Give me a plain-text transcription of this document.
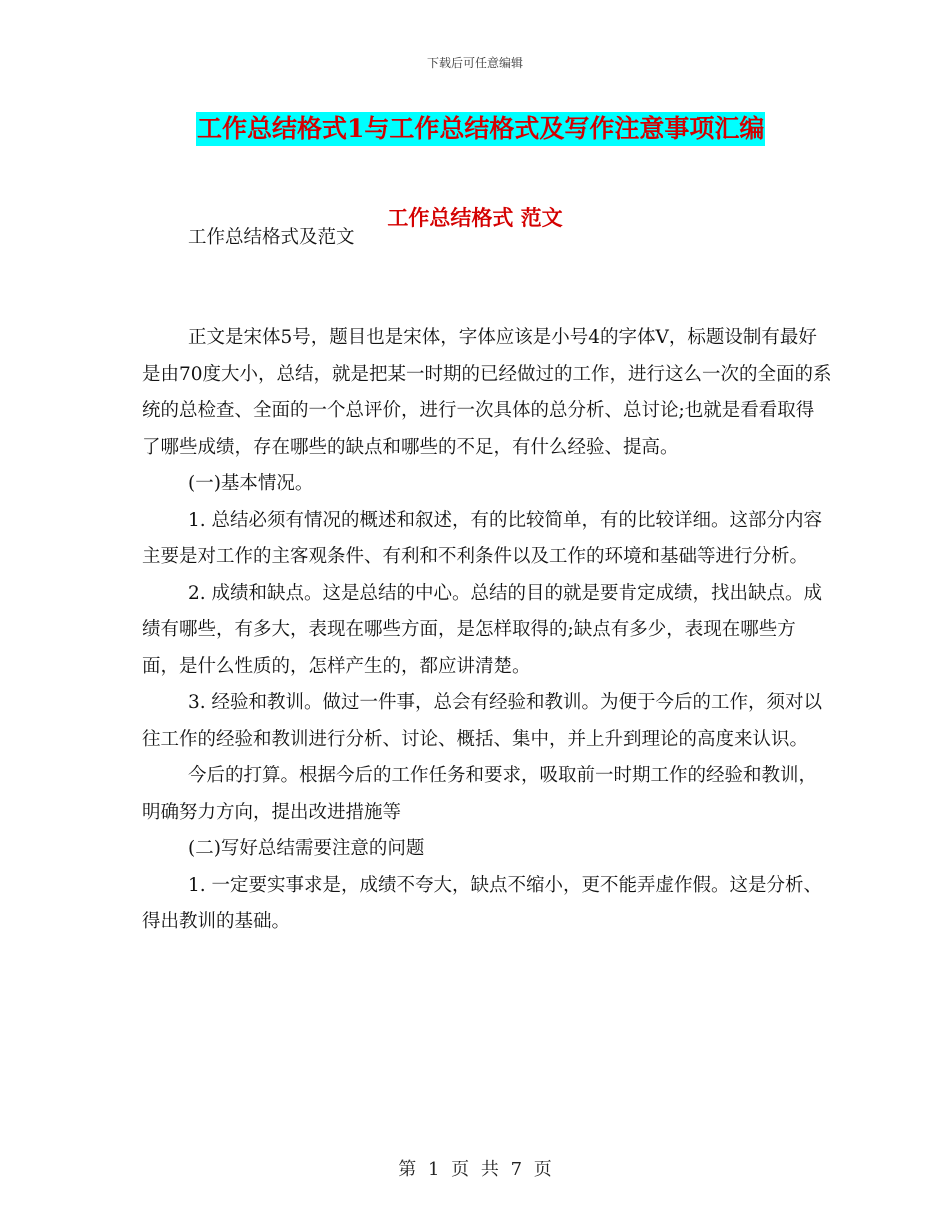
下载后可任意编辑
工作总结格式1与工作总结格式及写作注意事项汇编
工作总结格式 范文

工作总结格式及范文

正文是宋体5号，题目也是宋体，字体应该是小号4的字体V，标题设制有最好是由70度大小，总结，就是把某一时期的已经做过的工作，进行这么一次的全面的系统的总检查、全面的一个总评价，进行一次具体的总分析、总讨论;也就是看看取得了哪些成绩，存在哪些的缺点和哪些的不足，有什么经验、提高。

(一)基本情况。

1. 总结必须有情况的概述和叙述，有的比较简单，有的比较详细。这部分内容主要是对工作的主客观条件、有利和不利条件以及工作的环境和基础等进行分析。

2. 成绩和缺点。这是总结的中心。总结的目的就是要肯定成绩，找出缺点。成绩有哪些，有多大，表现在哪些方面，是怎样取得的;缺点有多少，表现在哪些方面，是什么性质的，怎样产生的，都应讲清楚。

3. 经验和教训。做过一件事，总会有经验和教训。为便于今后的工作，须对以往工作的经验和教训进行分析、讨论、概括、集中，并上升到理论的高度来认识。

今后的打算。根据今后的工作任务和要求，吸取前一时期工作的经验和教训，明确努力方向，提出改进措施等

(二)写好总结需要注意的问题

1. 一定要实事求是，成绩不夸大，缺点不缩小，更不能弄虚作假。这是分析、得出教训的基础。

第 1 页 共 7 页
